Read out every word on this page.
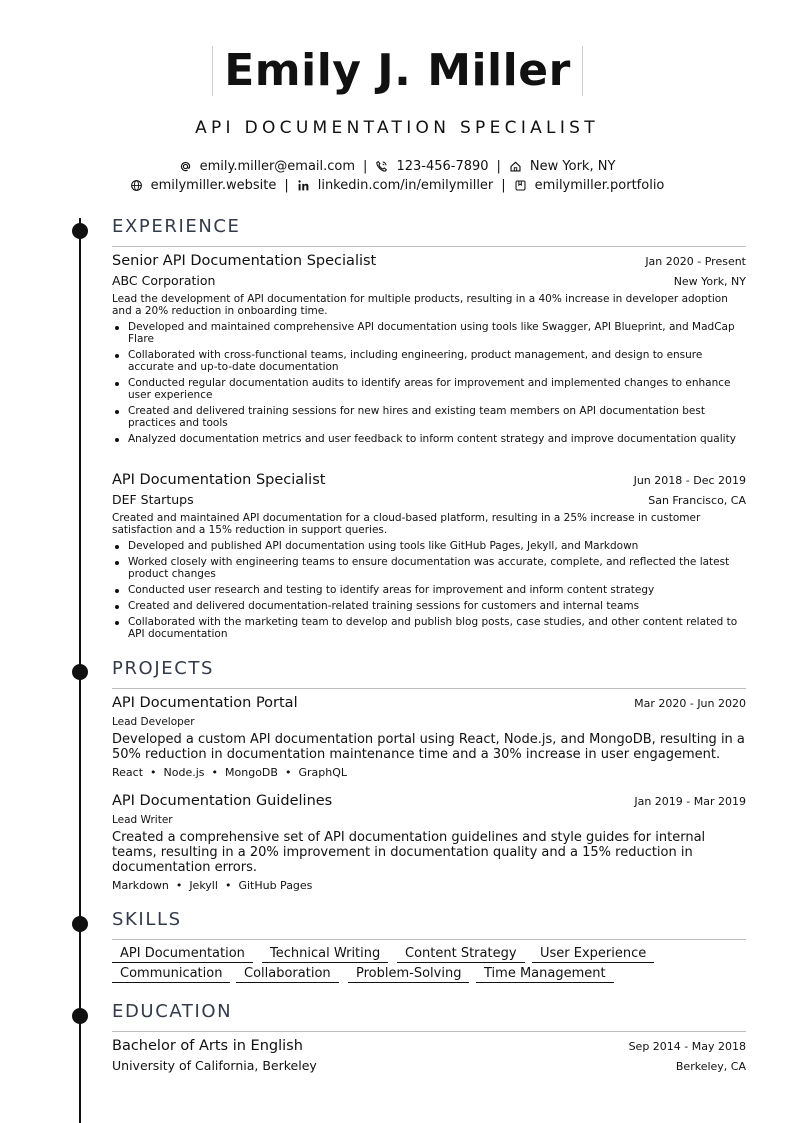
Emily J. Miller
API DOCUMENTATION SPECIALIST
emily.miller@email.com | 123-456-7890 | New York, NY
emilymiller.website | linkedin.com/in/emilymiller | emilymiller.portfolio
EXPERIENCE
Senior API Documentation Specialist	Jan 2020 - Present
ABC Corporation	New York, NY
Lead the development of API documentation for multiple products, resulting in a 40% increase in developer adoption and a 20% reduction in onboarding time.
Developed and maintained comprehensive API documentation using tools like Swagger, API Blueprint, and MadCap Flare
Collaborated with cross-functional teams, including engineering, product management, and design to ensure accurate and up-to-date documentation
Conducted regular documentation audits to identify areas for improvement and implemented changes to enhance user experience
Created and delivered training sessions for new hires and existing team members on API documentation best practices and tools
Analyzed documentation metrics and user feedback to inform content strategy and improve documentation quality
API Documentation Specialist	Jun 2018 - Dec 2019
DEF Startups	San Francisco, CA
Created and maintained API documentation for a cloud-based platform, resulting in a 25% increase in customer satisfaction and a 15% reduction in support queries.
Developed and published API documentation using tools like GitHub Pages, Jekyll, and Markdown
Worked closely with engineering teams to ensure documentation was accurate, complete, and reflected the latest product changes
Conducted user research and testing to identify areas for improvement and inform content strategy
Created and delivered documentation-related training sessions for customers and internal teams
Collaborated with the marketing team to develop and publish blog posts, case studies, and other content related to API documentation
PROJECTS
API Documentation Portal	Mar 2020 - Jun 2020
Lead Developer
Developed a custom API documentation portal using React, Node.js, and MongoDB, resulting in a 50% reduction in documentation maintenance time and a 30% increase in user engagement.
React • Node.js • MongoDB • GraphQL
API Documentation Guidelines	Jan 2019 - Mar 2019
Lead Writer
Created a comprehensive set of API documentation guidelines and style guides for internal teams, resulting in a 20% improvement in documentation quality and a 15% reduction in documentation errors.
Markdown • Jekyll • GitHub Pages
SKILLS
API Documentation	Technical Writing	Content Strategy	User Experience
Communication	Collaboration	Problem-Solving	Time Management
EDUCATION
Bachelor of Arts in English	Sep 2014 - May 2018
University of California, Berkeley	Berkeley, CA
